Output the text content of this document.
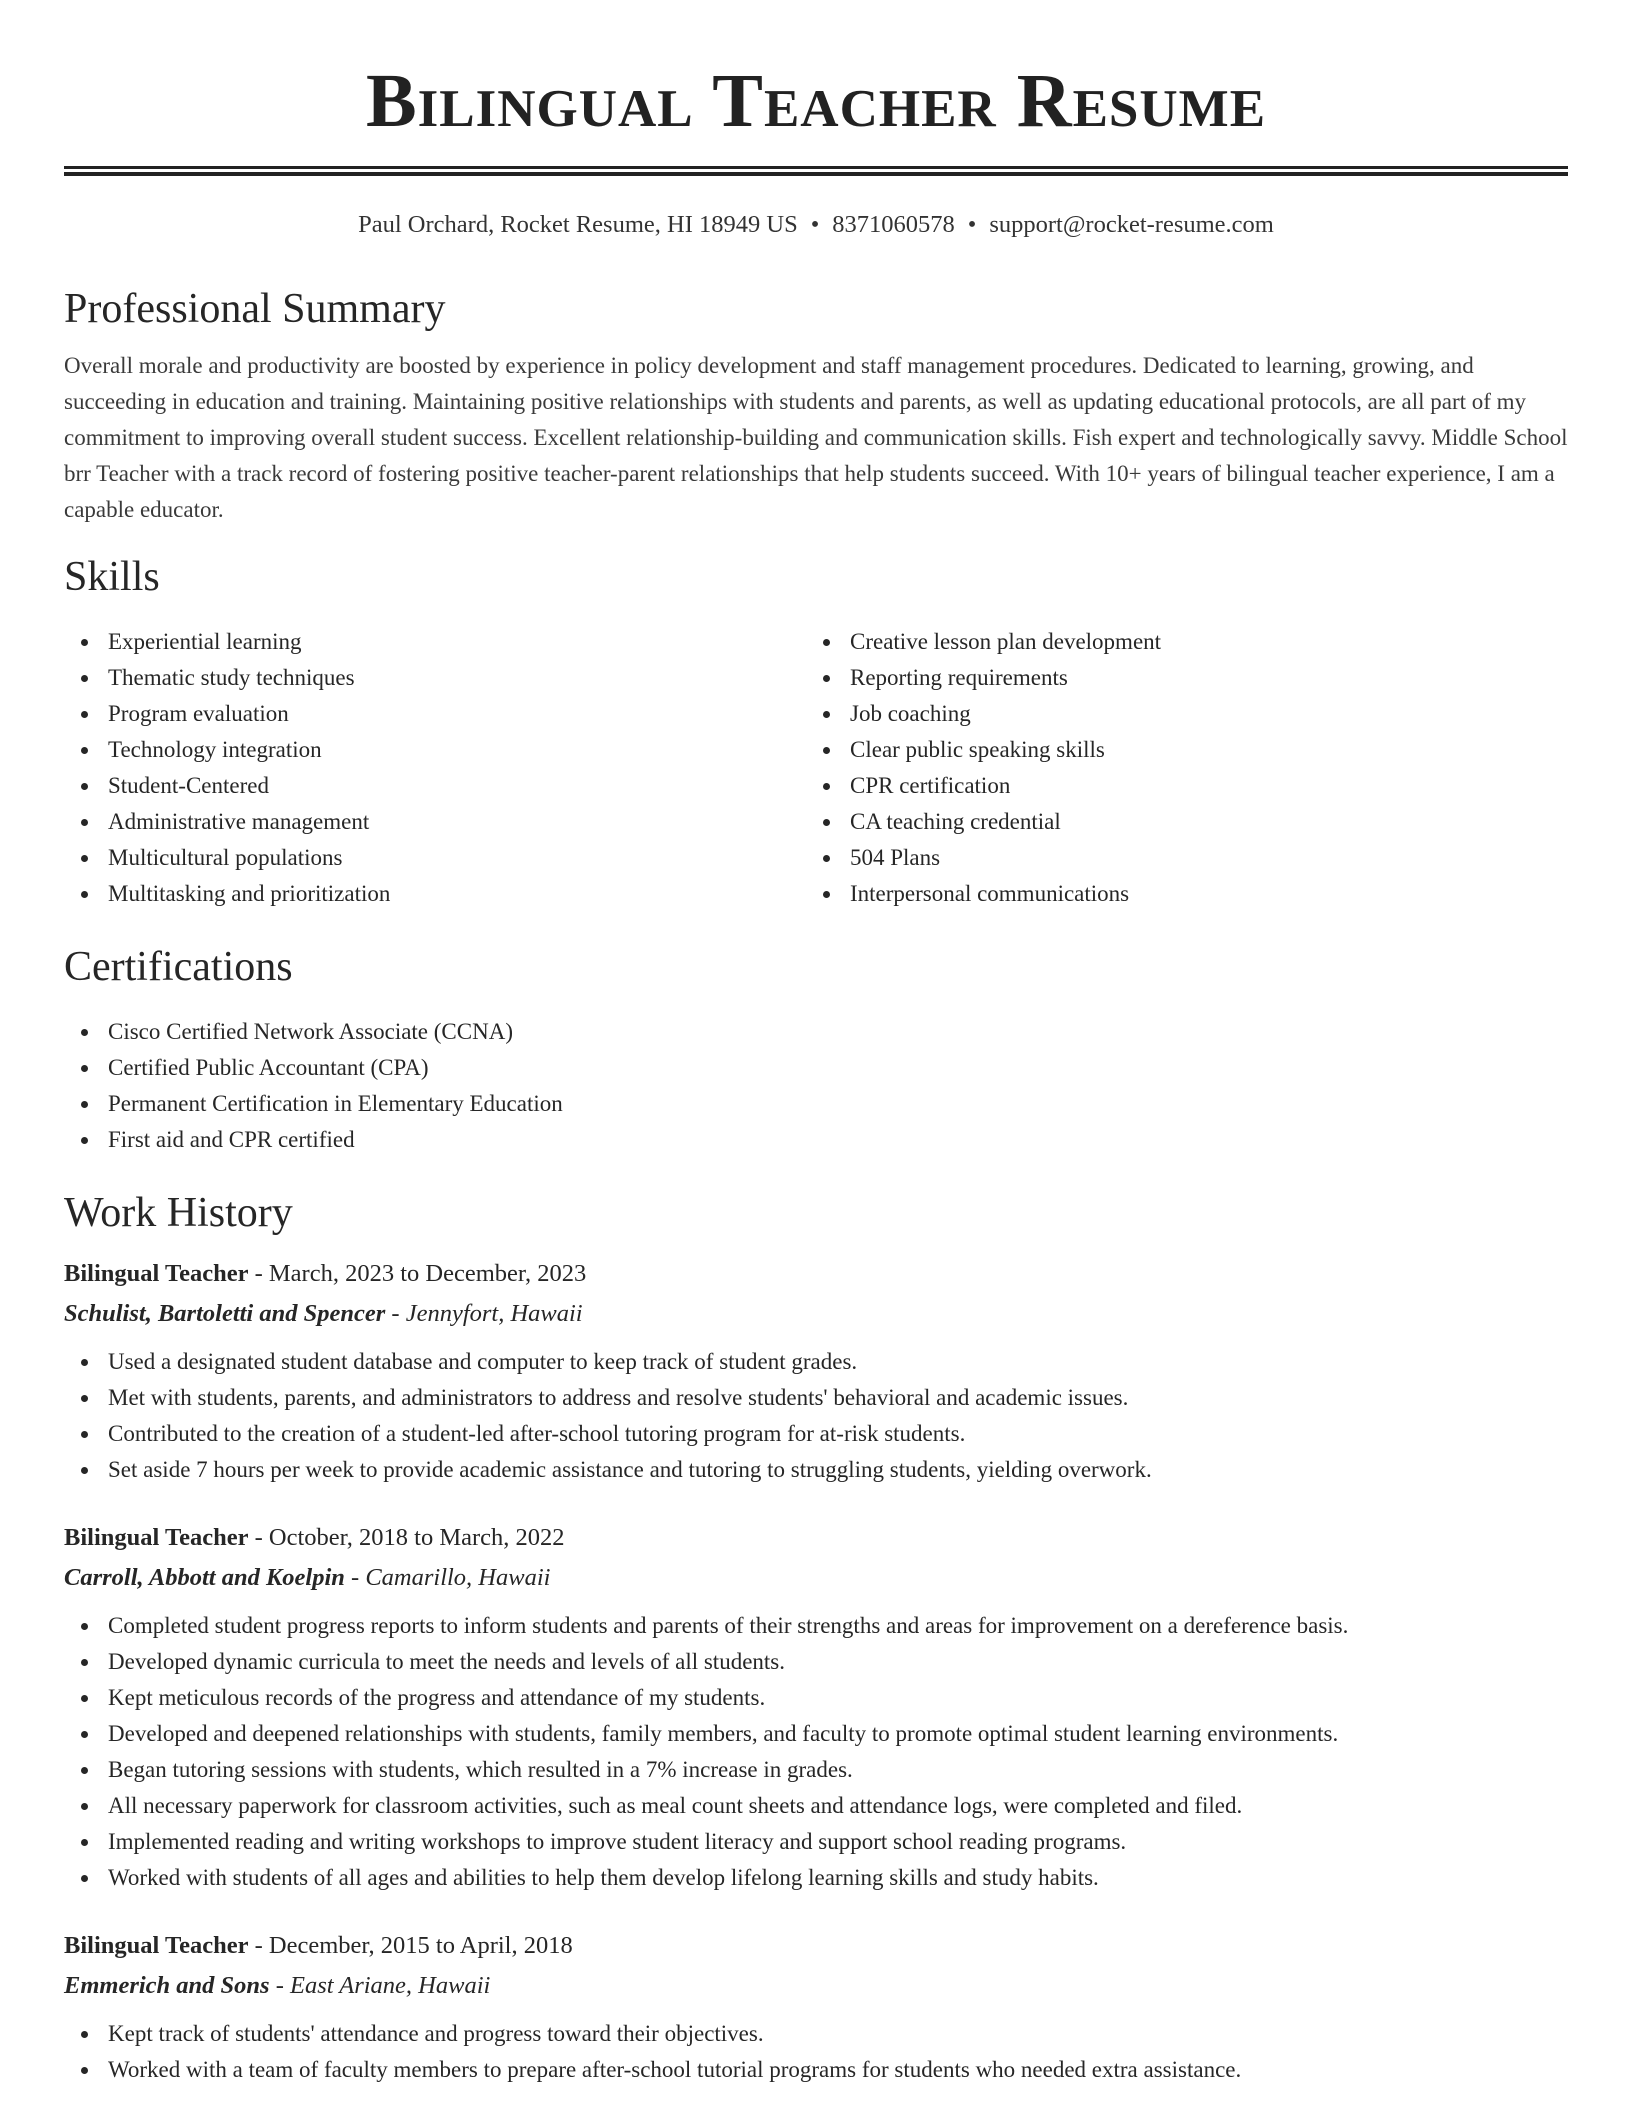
Bilingual Teacher Resume
Paul Orchard, Rocket Resume, HI 18949 US • 8371060578 • support@rocket-resume.com
Professional Summary

Overall morale and productivity are boosted by experience in policy development and staff management procedures. Dedicated to learning, growing, and succeeding in education and training. Maintaining positive relationships with students and parents, as well as updating educational protocols, are all part of my commitment to improving overall student success. Excellent relationship-building and communication skills. Fish expert and technologically savvy. Middle School brr Teacher with a track record of fostering positive teacher-parent relationships that help students succeed. With 10+ years of bilingual teacher experience, I am a capable educator.

Skills
Experiential learning
Thematic study techniques
Program evaluation
Technology integration
Student-Centered
Administrative management
Multicultural populations
Multitasking and prioritization
Creative lesson plan development
Reporting requirements
Job coaching
Clear public speaking skills
CPR certification
CA teaching credential
504 Plans
Interpersonal communications
Certifications
Cisco Certified Network Associate (CCNA)
Certified Public Accountant (CPA)
Permanent Certification in Elementary Education
First aid and CPR certified
Work History
Bilingual Teacher - March, 2023 to December, 2023
Schulist, Bartoletti and Spencer - Jennyfort, Hawaii
Used a designated student database and computer to keep track of student grades.
Met with students, parents, and administrators to address and resolve students' behavioral and academic issues.
Contributed to the creation of a student-led after-school tutoring program for at-risk students.
Set aside 7 hours per week to provide academic assistance and tutoring to struggling students, yielding overwork.
Bilingual Teacher - October, 2018 to March, 2022
Carroll, Abbott and Koelpin - Camarillo, Hawaii
Completed student progress reports to inform students and parents of their strengths and areas for improvement on a dereference basis.
Developed dynamic curricula to meet the needs and levels of all students.
Kept meticulous records of the progress and attendance of my students.
Developed and deepened relationships with students, family members, and faculty to promote optimal student learning environments.
Began tutoring sessions with students, which resulted in a 7% increase in grades.
All necessary paperwork for classroom activities, such as meal count sheets and attendance logs, were completed and filed.
Implemented reading and writing workshops to improve student literacy and support school reading programs.
Worked with students of all ages and abilities to help them develop lifelong learning skills and study habits.
Bilingual Teacher - December, 2015 to April, 2018
Emmerich and Sons - East Ariane, Hawaii
Kept track of students' attendance and progress toward their objectives.
Worked with a team of faculty members to prepare after-school tutorial programs for students who needed extra assistance.
